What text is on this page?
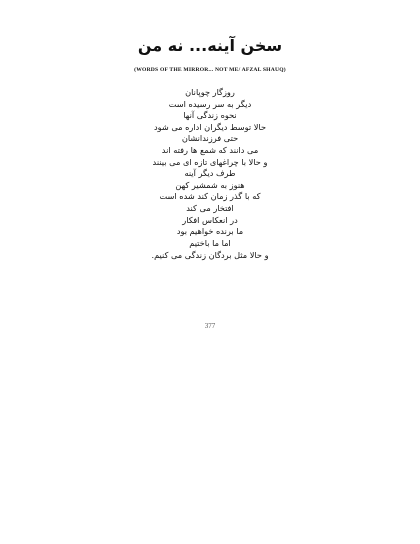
سخن آینه... نه من
(WORDS OF THE MIRROR... NOT ME/ AFZAL SHAUQ)
روزگار چوپانان
دیگر به سر رسیده است
نحوه زندگی آنها
حالا توسط دیگران اداره می شود
حتی فرزندانشان
می دانند که شمع ها رفته اند
و حالا با چراغهای تازه ای می بینند
طرف دیگر آینه
هنوز به شمشیر کهن
که با گذر زمان کند شده است
افتخار می کند
در انعکاس افکار
ما برنده خواهیم بود
اما ما باختیم
و حالا مثل بردگان زندگی می کنیم.
377
